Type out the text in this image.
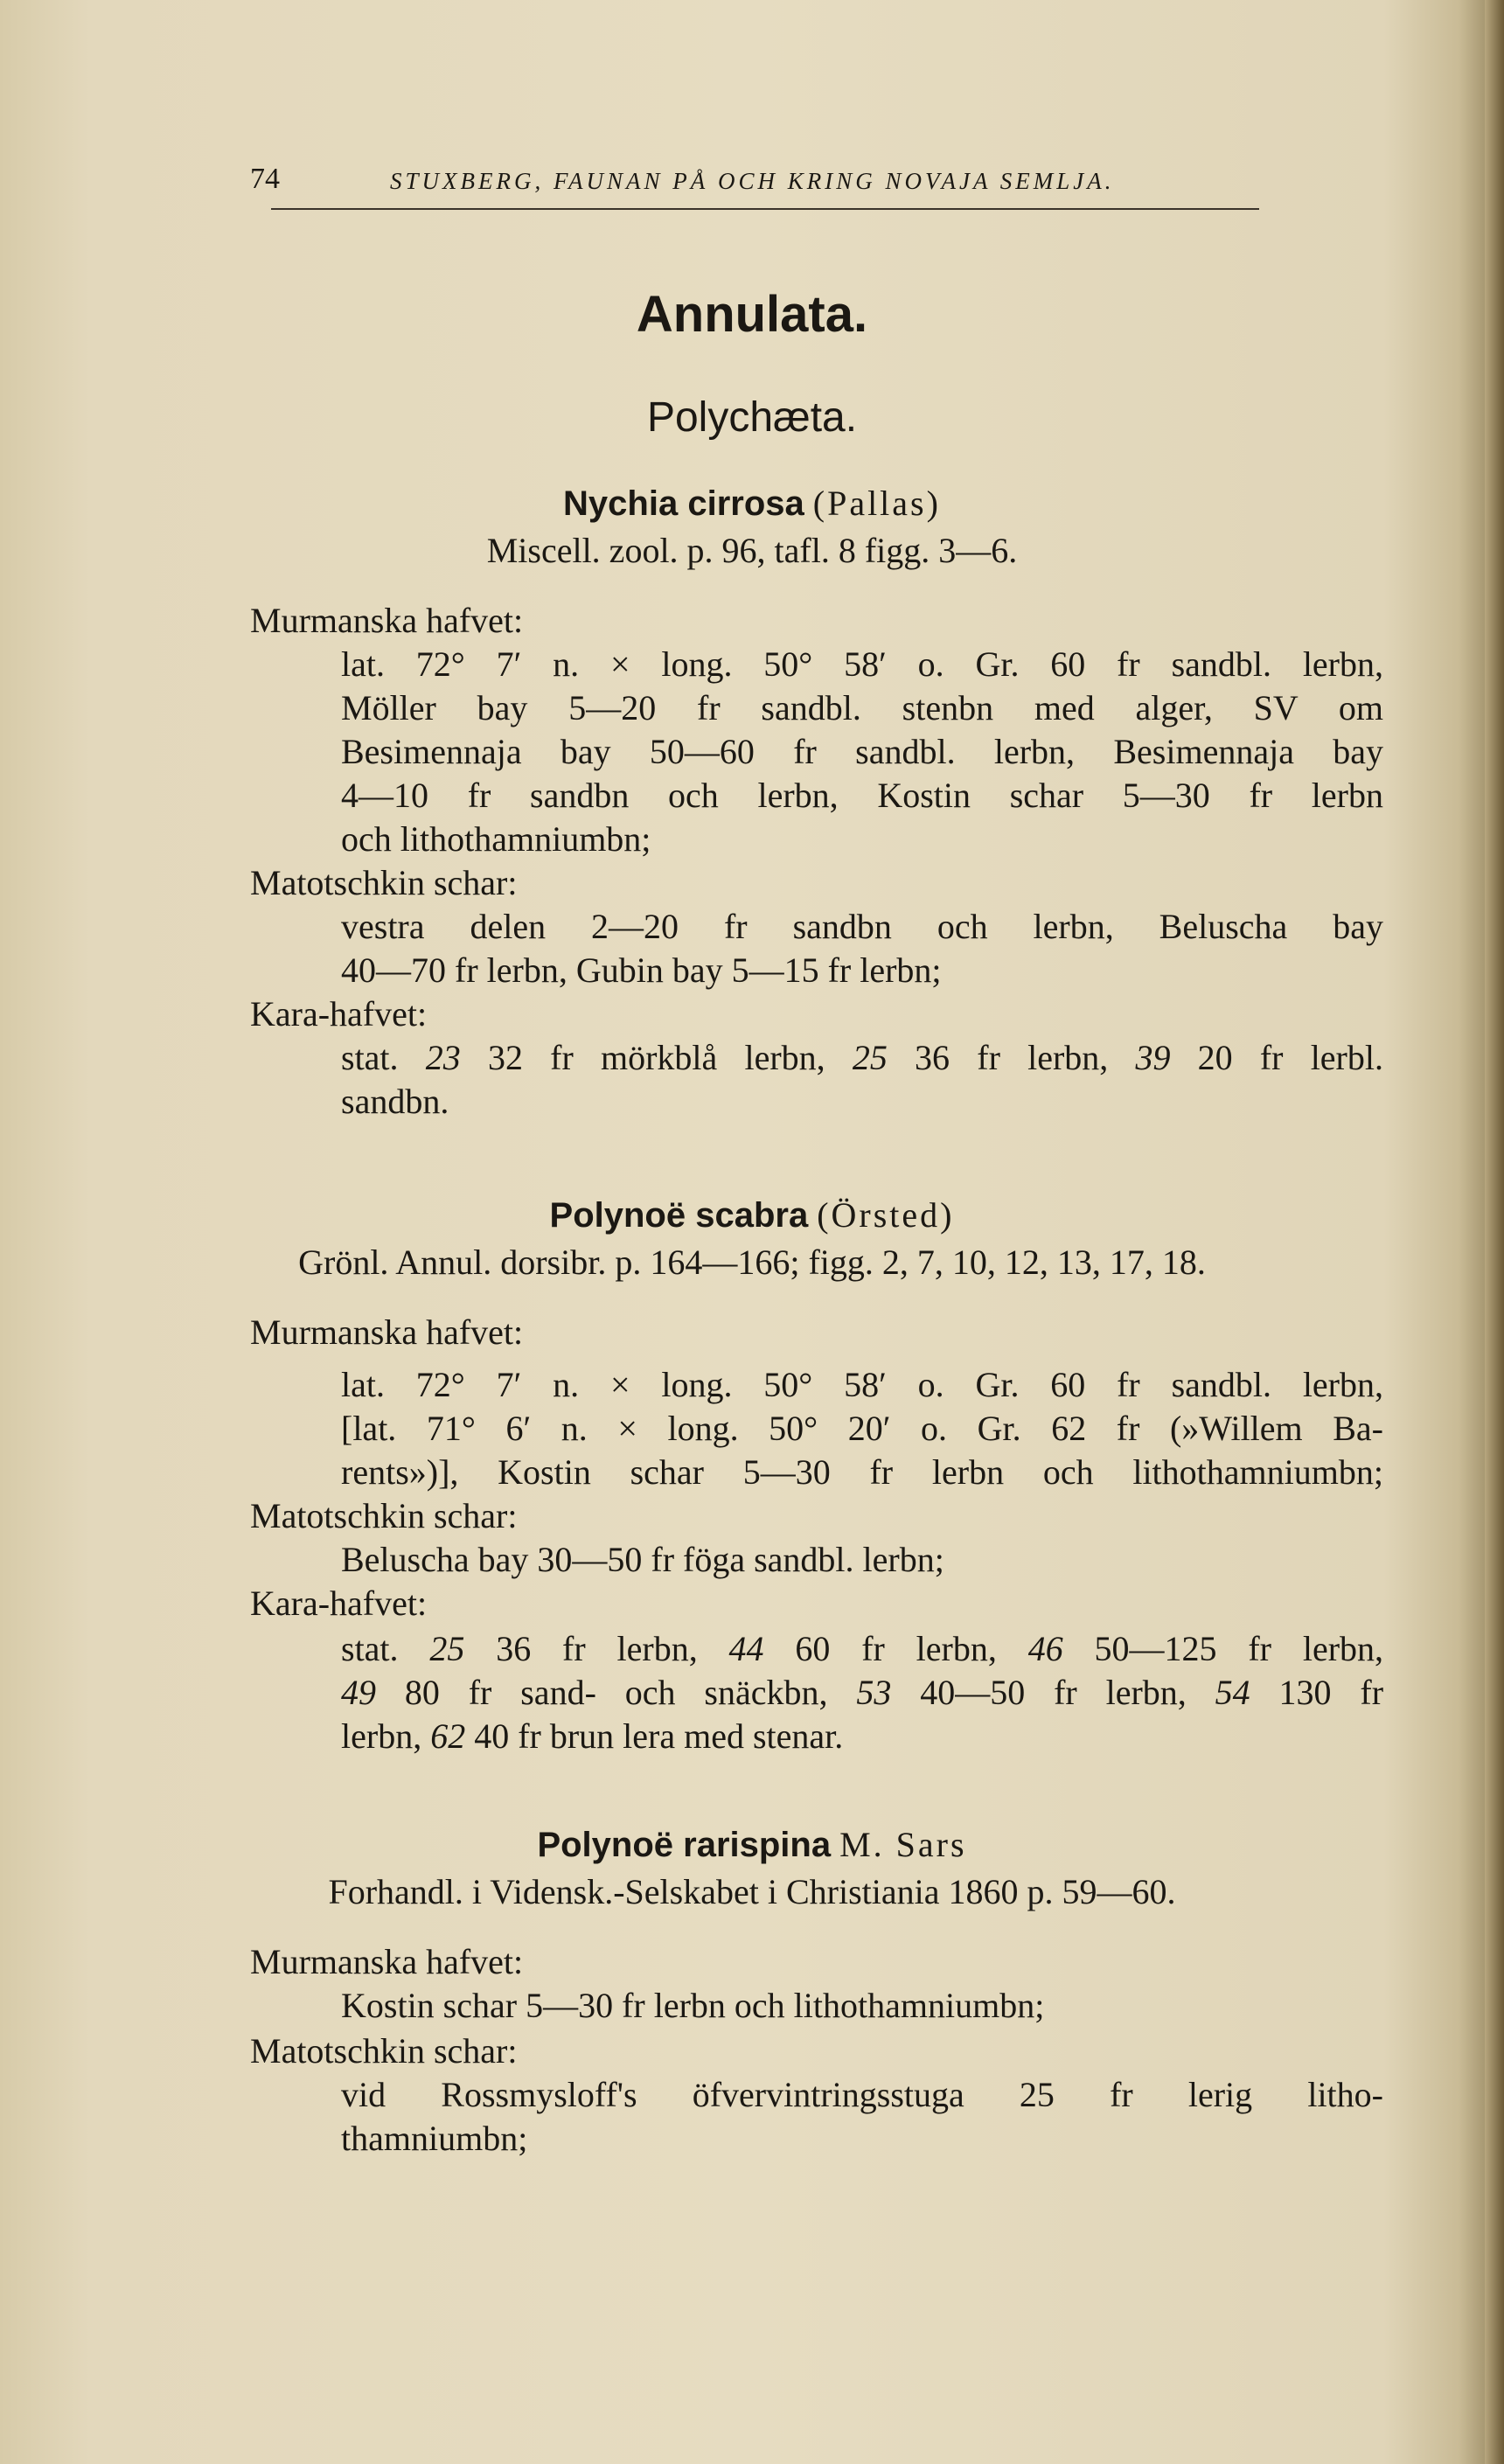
74	STUXBERG, FAUNAN PÅ OCH KRING NOVAJA SEMLJA.
Annulata.
Polychæta.
Nychia cirrosa (Pallas)
Miscell. zool. p. 96, tafl. 8 figg. 3—6.
Murmanska hafvet:
lat. 72° 7′ n. × long. 50° 58′ o. Gr. 60 fr sandbl. lerbn,
Möller bay 5—20 fr sandbl. stenbn med alger, SV om
Besimennaja bay 50—60 fr sandbl. lerbn, Besimennaja bay
4—10 fr sandbn och lerbn, Kostin schar 5—30 fr lerbn
och lithothamniumbn;
Matotschkin schar:
vestra delen 2—20 fr sandbn och lerbn, Beluscha bay
40—70 fr lerbn, Gubin bay 5—15 fr lerbn;
Kara-hafvet:
stat. 23 32 fr mörkblå lerbn, 25 36 fr lerbn, 39 20 fr lerbl.
sandbn.
Polynoë scabra (Örsted)
Grönl. Annul. dorsibr. p. 164—166; figg. 2, 7, 10, 12, 13, 17, 18.
Murmanska hafvet:
lat. 72° 7′ n. × long. 50° 58′ o. Gr. 60 fr sandbl. lerbn,
[lat. 71° 6′ n. × long. 50° 20′ o. Gr. 62 fr (»Willem Ba-
rents»)], Kostin schar 5—30 fr lerbn och lithothamniumbn;
Matotschkin schar:
Beluscha bay 30—50 fr föga sandbl. lerbn;
Kara-hafvet:
stat. 25 36 fr lerbn, 44 60 fr lerbn, 46 50—125 fr lerbn,
49 80 fr sand- och snäckbn, 53 40—50 fr lerbn, 54 130 fr
lerbn, 62 40 fr brun lera med stenar.
Polynoë rarispina M. Sars
Forhandl. i Vidensk.-Selskabet i Christiania 1860 p. 59—60.
Murmanska hafvet:
Kostin schar 5—30 fr lerbn och lithothamniumbn;
Matotschkin schar:
vid Rossmysloff's öfvervintringsstuga 25 fr lerig litho-
thamniumbn;
